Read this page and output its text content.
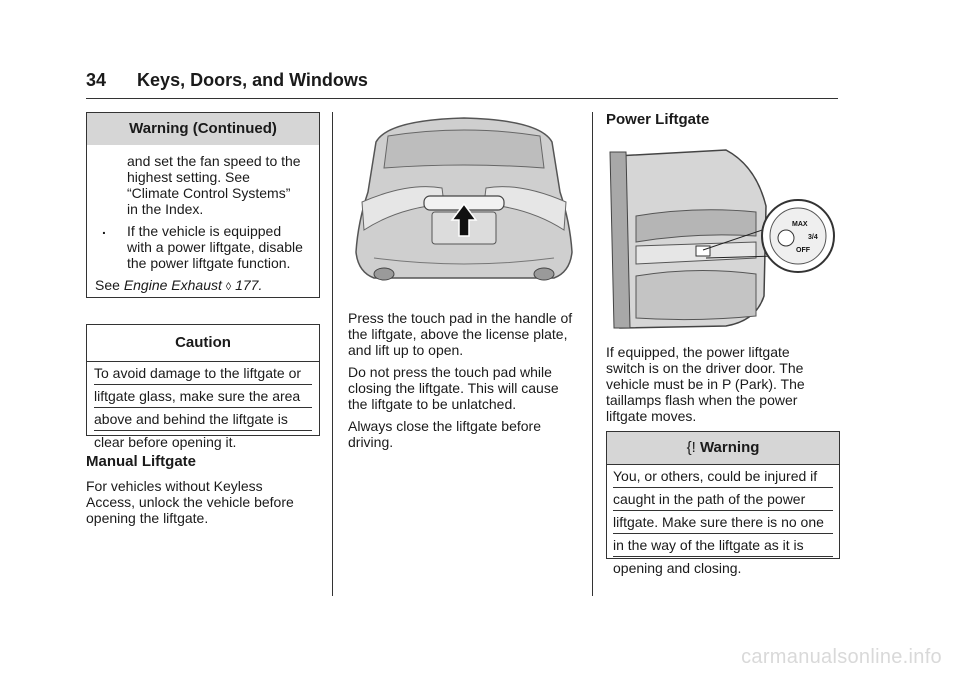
34 Keys, Doors, and Windows
Warning (Continued)

and set the fan speed to the

highest setting. See

“Climate Control Systems”

in the Index.

. If the vehicle is equipped

with a power liftgate, disable

the power liftgate function.

See Engine Exhaust ◊ 177.

Caution
To avoid damage to the liftgate or
liftgate glass, make sure the area
above and behind the liftgate is
clear before opening it.
Manual Liftgate

For vehicles without Keyless

Access, unlock the vehicle before

opening the liftgate.

Press the touch pad in the handle of

the liftgate, above the license plate,

and lift up to open.

Do not press the touch pad while

closing the liftgate. This will cause

the liftgate to be unlatched.

Always close the liftgate before

driving.

Power Liftgate
MAX
3/4
OFF

If equipped, the power liftgate

switch is on the driver door. The

vehicle must be in P (Park). The

taillamps flash when the power

liftgate moves.

{! Warning
You, or others, could be injured if
caught in the path of the power
liftgate. Make sure there is no one
in the way of the liftgate as it is
opening and closing.
carmanualsonline.info
